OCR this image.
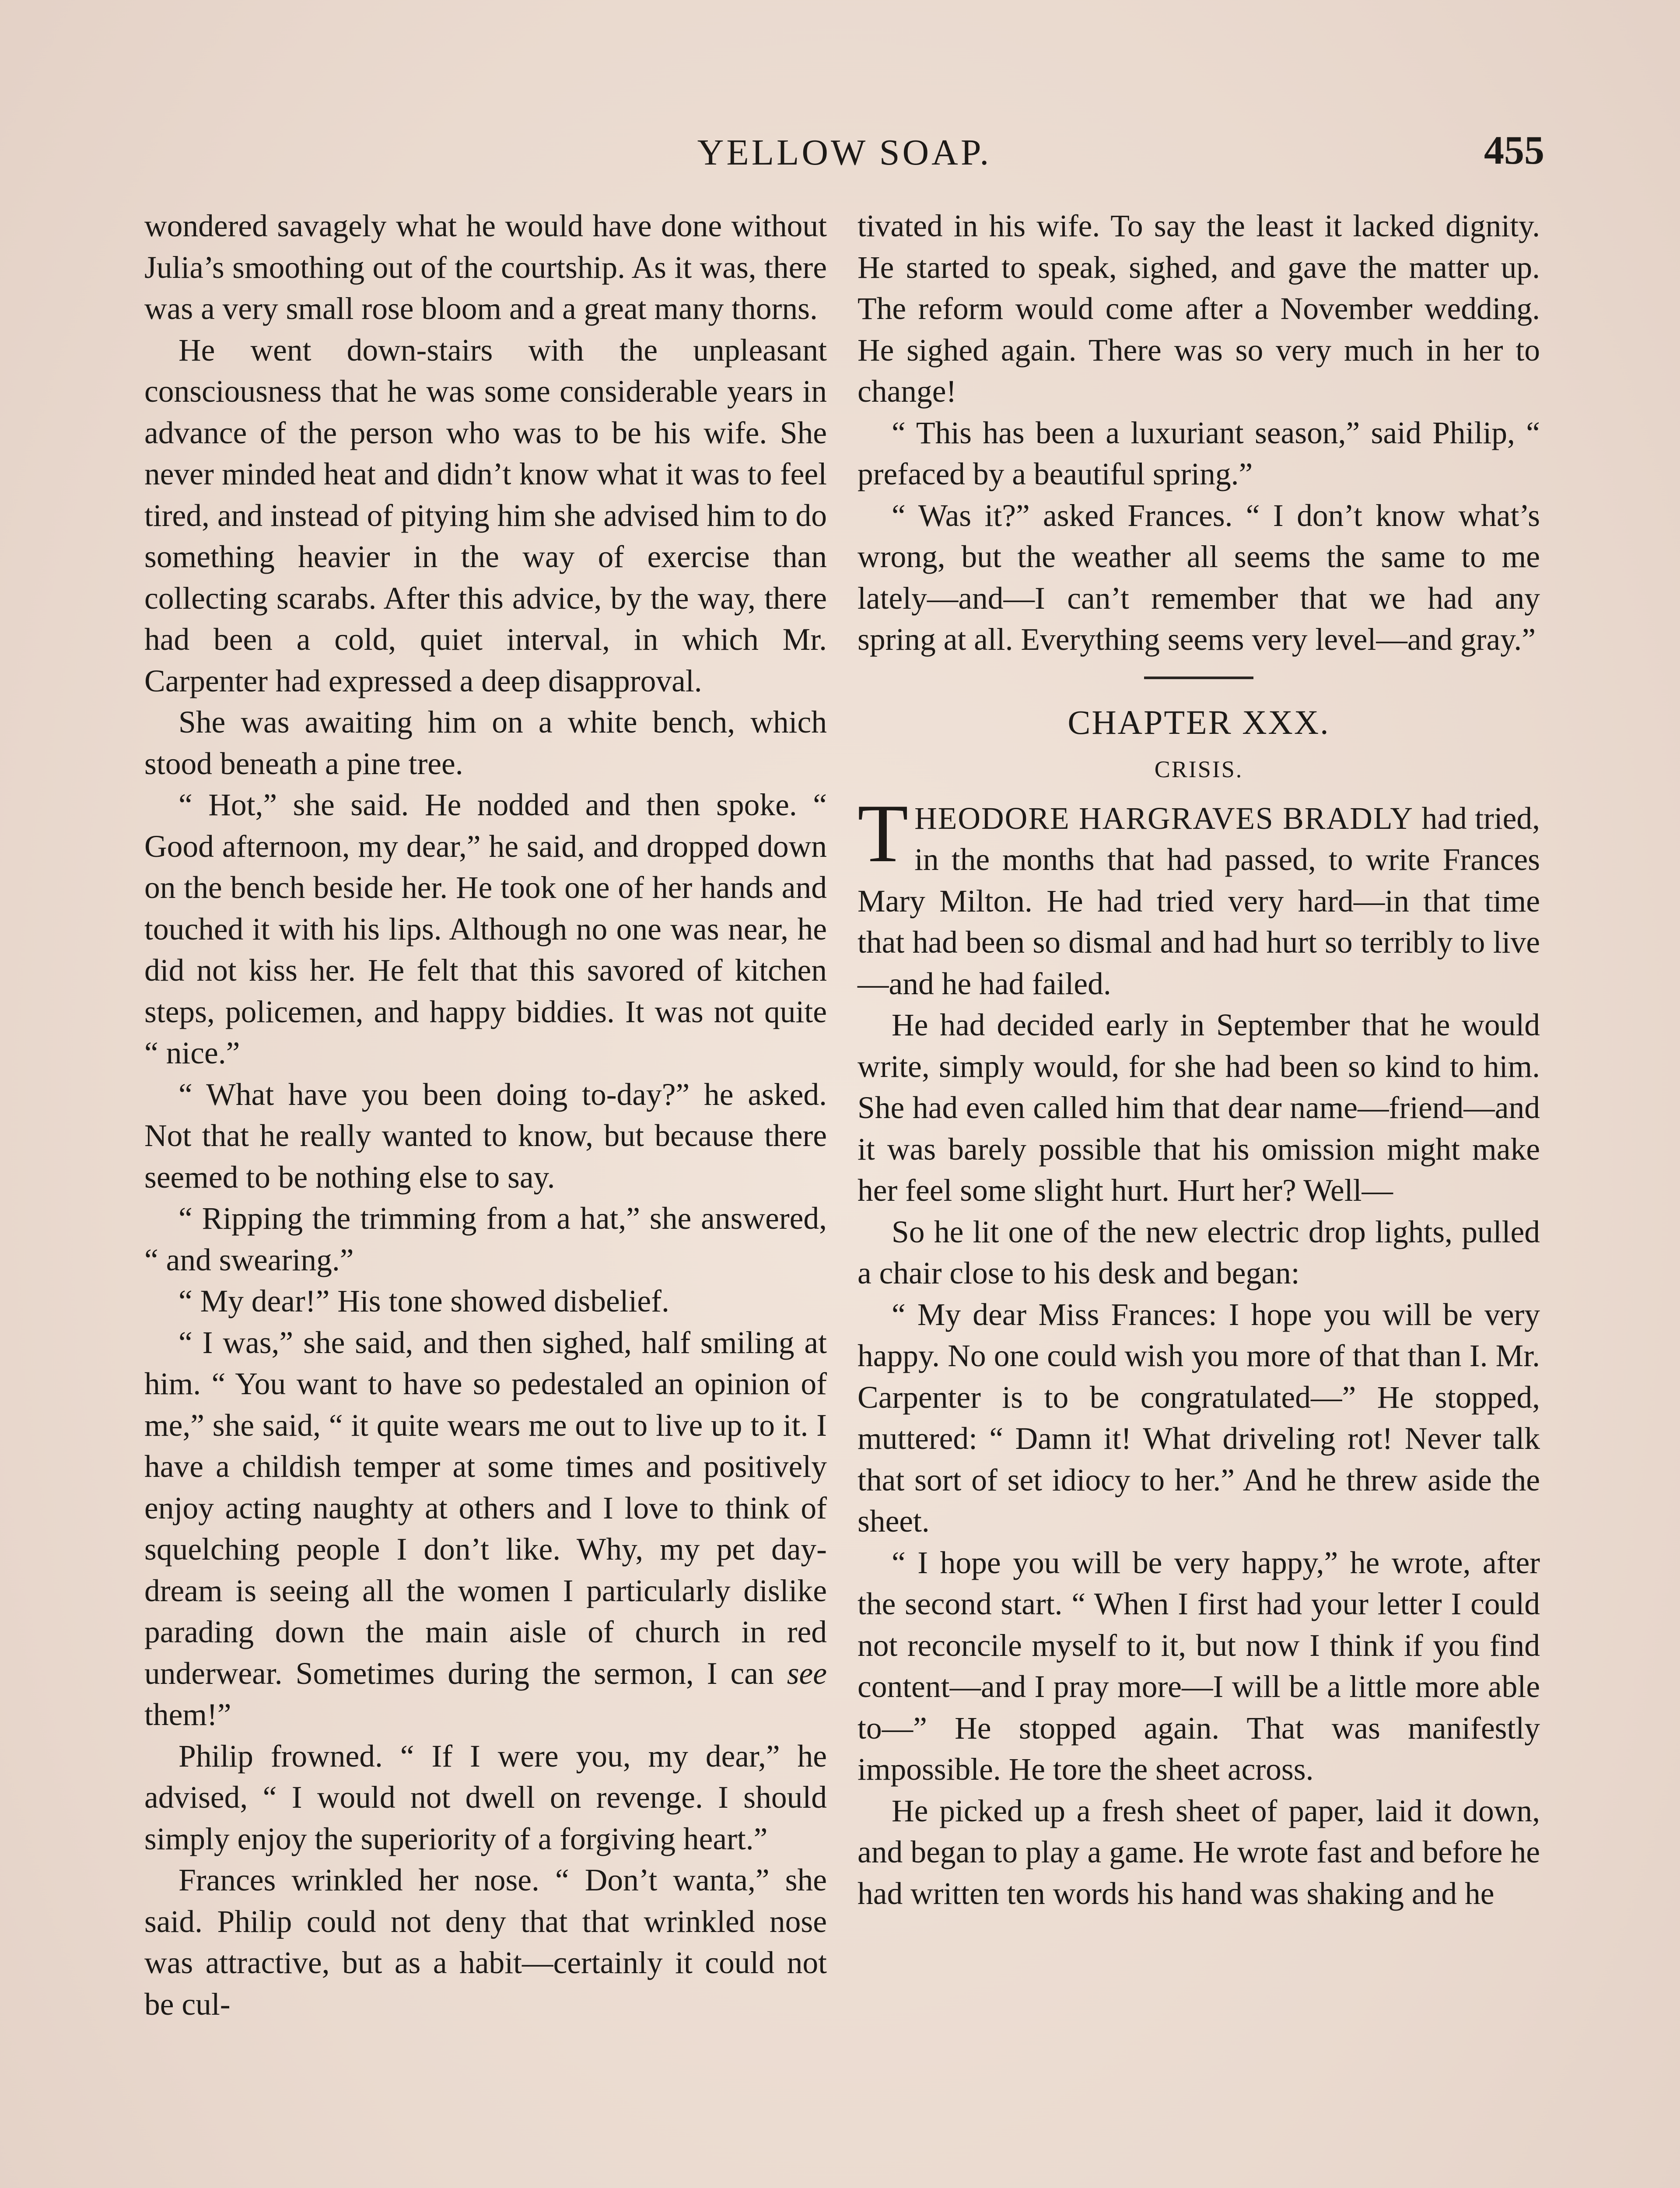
YELLOW SOAP.	455

wondered savagely what he would have done without Julia’s smoothing out of the courtship. As it was, there was a very small rose bloom and a great many thorns.

He went down-stairs with the unpleasant consciousness that he was some considerable years in advance of the person who was to be his wife. She never minded heat and didn’t know what it was to feel tired, and instead of pitying him she advised him to do something heavier in the way of exercise than collecting scarabs. After this advice, by the way, there had been a cold, quiet interval, in which Mr. Carpenter had expressed a deep disapproval.

She was awaiting him on a white bench, which stood beneath a pine tree.

“ Hot,” she said. He nodded and then spoke. “ Good afternoon, my dear,” he said, and dropped down on the bench beside her. He took one of her hands and touched it with his lips. Although no one was near, he did not kiss her. He felt that this savored of kitchen steps, policemen, and happy biddies. It was not quite “ nice.”

“ What have you been doing to-day?” he asked. Not that he really wanted to know, but because there seemed to be nothing else to say.

“ Ripping the trimming from a hat,” she answered, “ and swearing.”

“ My dear!” His tone showed disbelief.

“ I was,” she said, and then sighed, half smiling at him. “ You want to have so pedestaled an opinion of me,” she said, “ it quite wears me out to live up to it. I have a childish temper at some times and positively enjoy acting naughty at others and I love to think of squelching people I don’t like. Why, my pet day-dream is seeing all the women I particularly dislike parading down the main aisle of church in red underwear. Sometimes during the sermon, I can see them!”

Philip frowned. “ If I were you, my dear,” he advised, “ I would not dwell on revenge. I should simply enjoy the superiority of a forgiving heart.”

Frances wrinkled her nose. “ Don’t wanta,” she said. Philip could not deny that that wrinkled nose was attractive, but as a habit—certainly it could not be cul-

tivated in his wife. To say the least it lacked dignity. He started to speak, sighed, and gave the matter up. The reform would come after a November wedding. He sighed again. There was so very much in her to change!

“ This has been a luxuriant season,” said Philip, “ prefaced by a beautiful spring.”

“ Was it?” asked Frances. “ I don’t know what’s wrong, but the weather all seems the same to me lately—and—I can’t remember that we had any spring at all. Everything seems very level—and gray.”

CHAPTER XXX.
CRISIS.

THEODORE HARGRAVES BRADLY had tried, in the months that had passed, to write Frances Mary Milton. He had tried very hard—in that time that had been so dismal and had hurt so terribly to live—and he had failed.

He had decided early in September that he would write, simply would, for she had been so kind to him. She had even called him that dear name—friend—and it was barely possible that his omission might make her feel some slight hurt. Hurt her? Well—

So he lit one of the new electric drop lights, pulled a chair close to his desk and began:

“ My dear Miss Frances: I hope you will be very happy. No one could wish you more of that than I. Mr. Carpenter is to be congratulated—” He stopped, muttered: “ Damn it! What driveling rot! Never talk that sort of set idiocy to her.” And he threw aside the sheet.

“ I hope you will be very happy,” he wrote, after the second start. “ When I first had your letter I could not reconcile myself to it, but now I think if you find content—and I pray more—I will be a little more able to—” He stopped again. That was manifestly impossible. He tore the sheet across.

He picked up a fresh sheet of paper, laid it down, and began to play a game. He wrote fast and before he had written ten words his hand was shaking and he
